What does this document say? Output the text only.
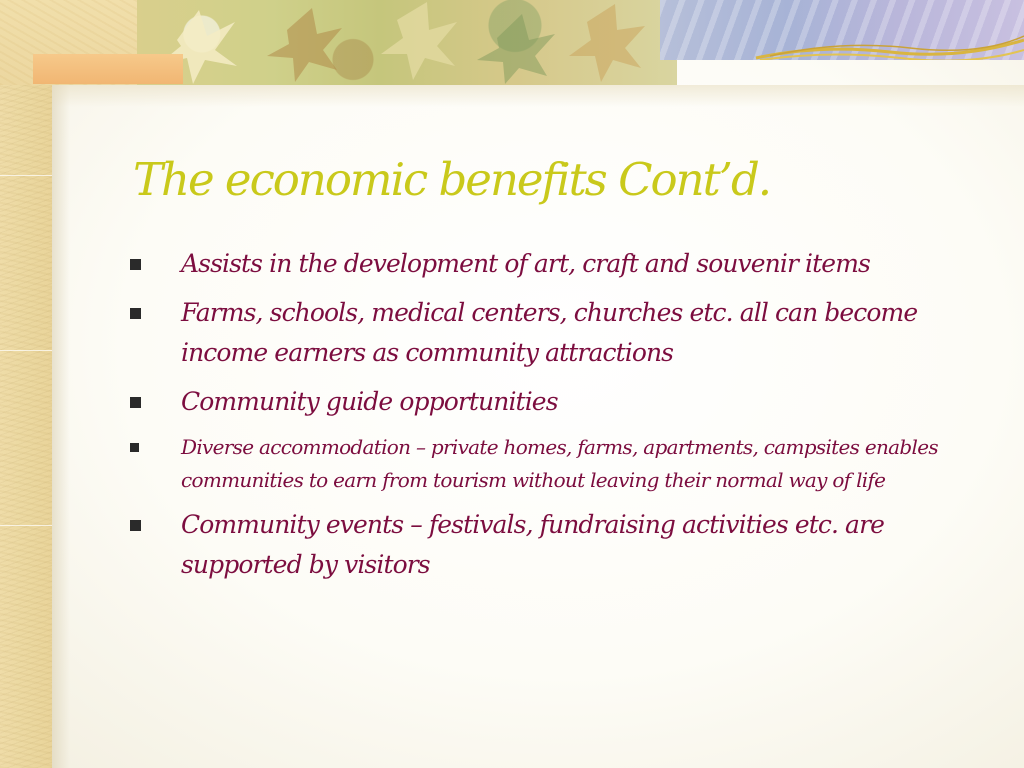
The economic benefits Cont’d.
Assists in the development of art, craft and souvenir items
Farms, schools, medical centers, churches etc. all can become income earners as community attractions
Community guide opportunities
Diverse accommodation – private homes, farms, apartments, campsites enables communities to earn from tourism without leaving their normal way of life
Community events – festivals, fundraising activities etc. are supported by visitors
